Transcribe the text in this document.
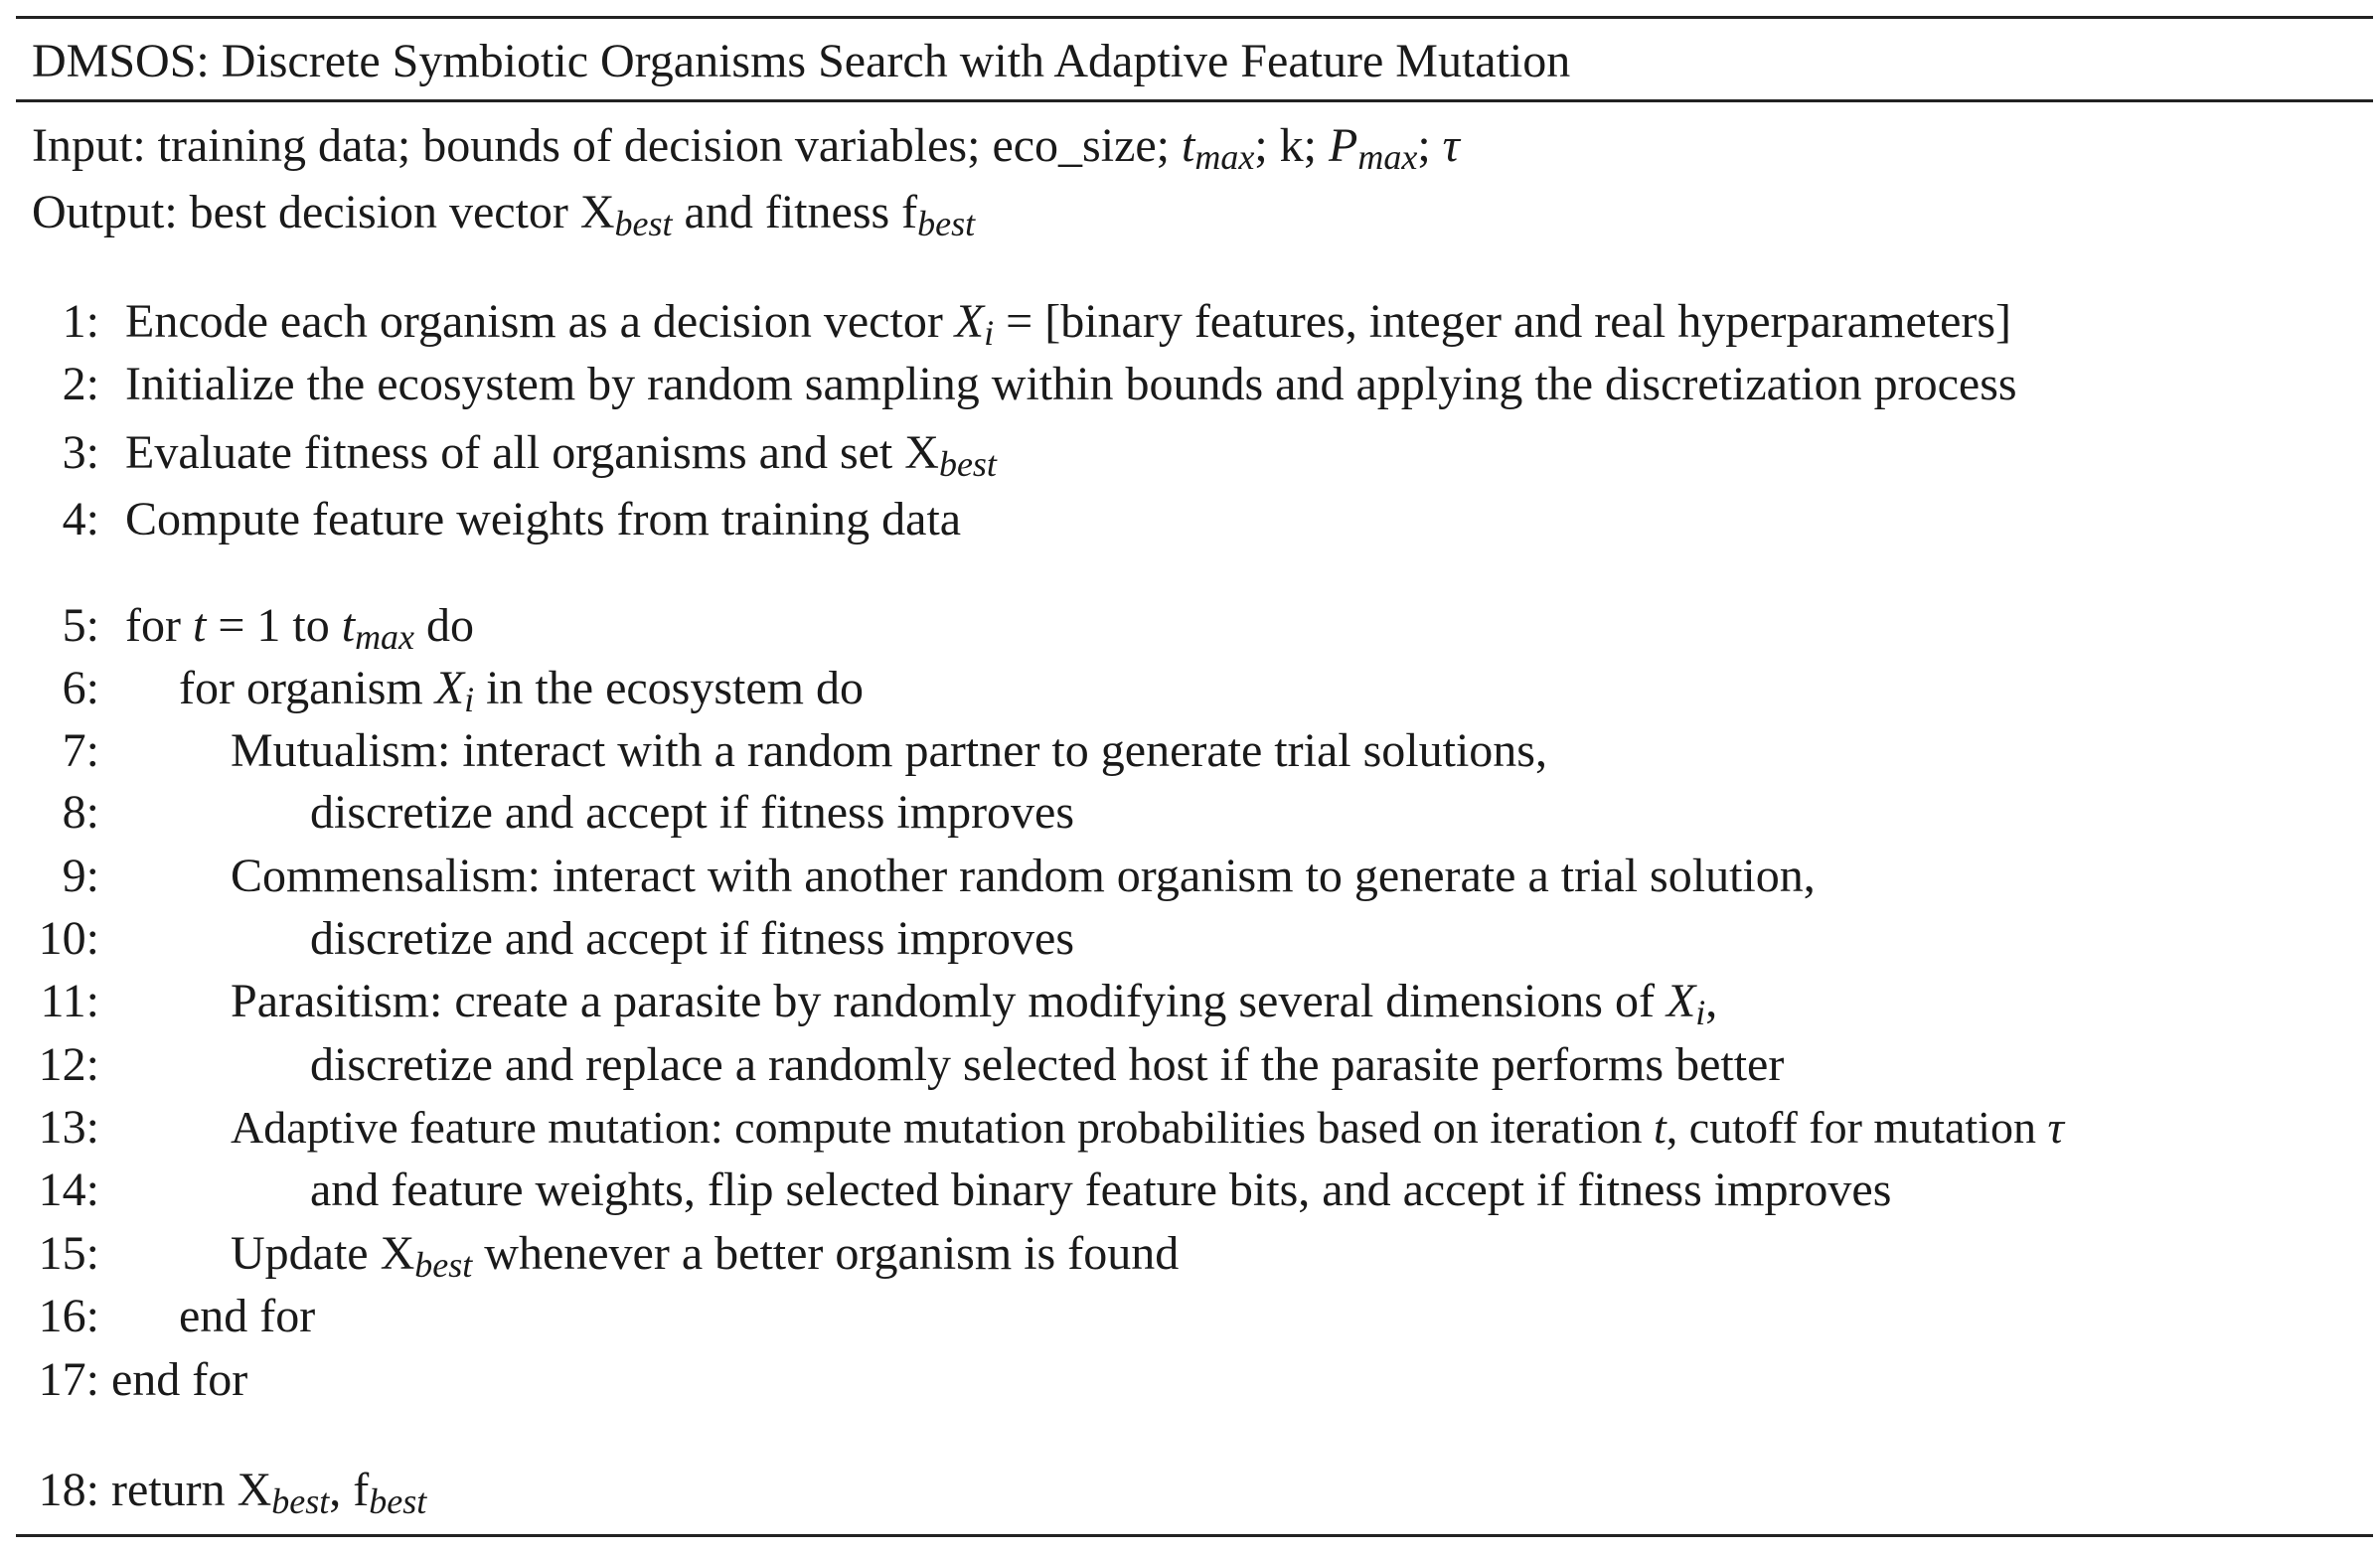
DMSOS: Discrete Symbiotic Organisms Search with Adaptive Feature Mutation
Input: training data; bounds of decision variables; eco_size; tmax; k; Pmax; τ
Output: best decision vector Xbest and fitness fbest
1: Encode each organism as a decision vector Xi = [binary features, integer and real hyperparameters]
2: Initialize the ecosystem by random sampling within bounds and applying the discretization process
3: Evaluate fitness of all organisms and set Xbest
4: Compute feature weights from training data
5: for t = 1 to tmax do
6: for organism Xi in the ecosystem do
7:	Mutualism: interact with a random partner to generate trial solutions,
8:	discretize and accept if fitness improves
9:	Commensalism: interact with another random organism to generate a trial solution,
10:	discretize and accept if fitness improves
11:	Parasitism: create a parasite by randomly modifying several dimensions of Xi,
12:	discretize and replace a randomly selected host if the parasite performs better
13:	Adaptive feature mutation: compute mutation probabilities based on iteration t, cutoff for mutation τ
14:	and feature weights, flip selected binary feature bits, and accept if fitness improves
15:	Update Xbest whenever a better organism is found
16: end for
17: end for
18: return Xbest, fbest
